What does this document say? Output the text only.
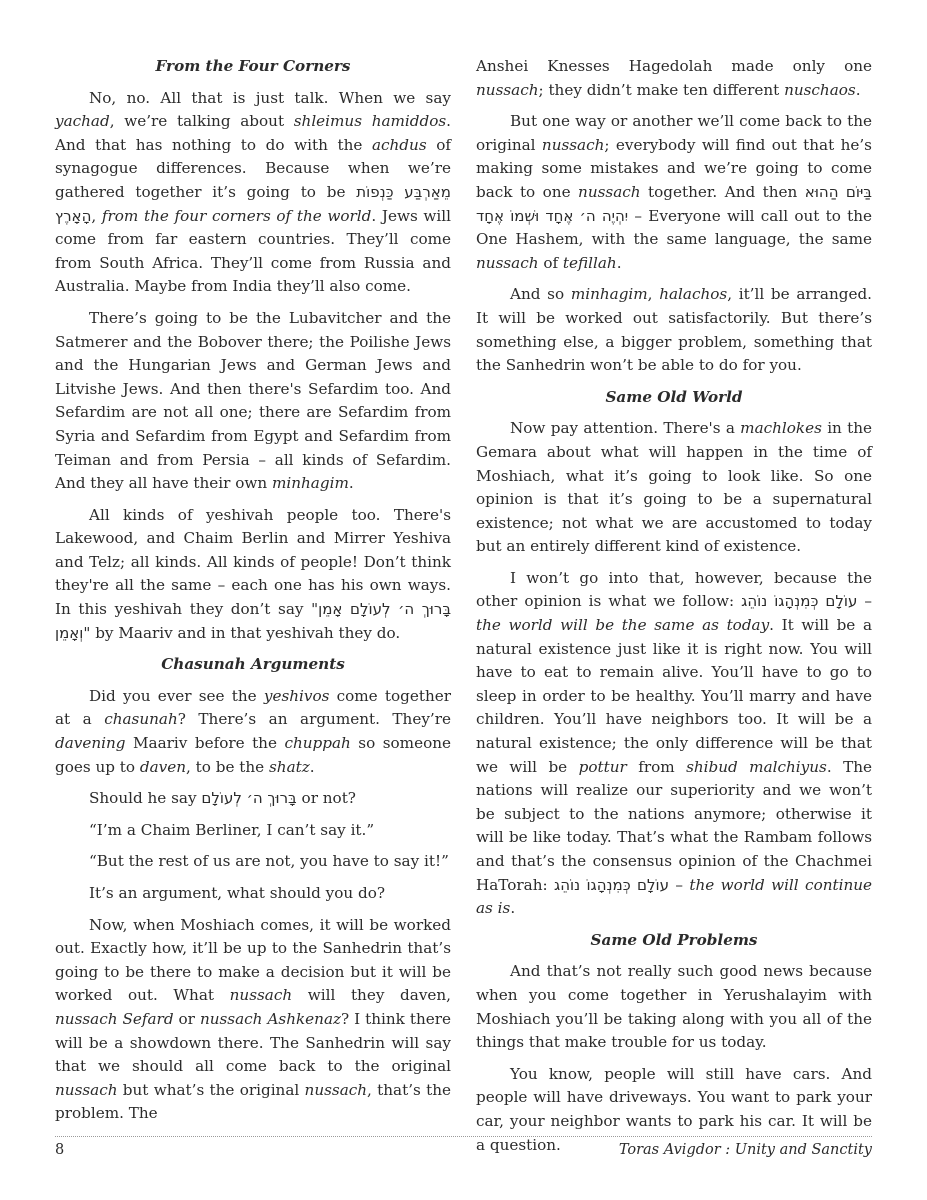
From the Four Corners

No, no. All that is just talk. When we say yachad, we’re talking about shleimus hamiddos. And that has nothing to do with the achdus of synagogue differences. Because when we’re gathered together it’s going to be מֵאַרְבַּע כַּנְפוֹת הָאָרֶץ, from the four corners of the world. Jews will come from far eastern countries. They’ll come from South Africa. They’ll come from Russia and Australia. Maybe from India they’ll also come.

There’s going to be the Lubavitcher and the Satmerer and the Bobover there; the Poilishe Jews and the Hungarian Jews and German Jews and Litvishe Jews. And then there's Sefardim too. And Sefardim are not all one; there are Sefardim from Syria and Sefardim from Egypt and Sefardim from Teiman and from Persia – all kinds of Sefardim. And they all have their own minhagim.

All kinds of yeshivah people too. There's Lakewood, and Chaim Berlin and Mirrer Yeshiva and Telz; all kinds. All kinds of people! Don’t think they're all the same – each one has his own ways. In this yeshivah they don’t say "בָּרוּךְ ה׳ לְעוֹלָם אָמֵן וְאָמֵן" by Maariv and in that yeshivah they do.

Chasunah Arguments

Did you ever see the yeshivos come together at a chasunah? There’s an argument. They’re davening Maariv before the chuppah so someone goes up to daven, to be the shatz.

Should he say בָּרוּךְ ה׳ לְעוֹלָם or not?

“I’m a Chaim Berliner, I can’t say it.”

“But the rest of us are not, you have to say it!”

It’s an argument, what should you do?

Now, when Moshiach comes, it will be worked out. Exactly how, it’ll be up to the Sanhedrin that’s going to be there to make a decision but it will be worked out. What nussach will they daven, nussach Sefard or nussach Ashkenaz? I think there will be a showdown there. The Sanhedrin will say that we should all come back to the original nussach but what’s the original nussach, that’s the problem. The

Anshei Knesses Hagedolah made only one nussach; they didn’t make ten different nuschaos.

But one way or another we’ll come back to the original nussach; everybody will find out that he’s making some mistakes and we’re going to come back to one nussach together. And then בַּיּוֹם הַהוּא יִהְיֶה ה׳ אֶחָד וּשְׁמוֹ אֶחָד – Everyone will call out to the One Hashem, with the same language, the same nussach of tefillah.

And so minhagim, halachos, it’ll be arranged. It will be worked out satisfactorily. But there’s something else, a bigger problem, something that the Sanhedrin won’t be able to do for you.

Same Old World

Now pay attention. There's a machlokes in the Gemara about what will happen in the time of Moshiach, what it’s going to look like. So one opinion is that it’s going to be a supernatural existence; not what we are accustomed to today but an entirely different kind of existence.

I won’t go into that, however, because the other opinion is what we follow: עוֹלָם כְּמִנְהָגוֹ נוֹהֵג – the world will be the same as today. It will be a natural existence just like it is right now. You will have to eat to remain alive. You’ll have to go to sleep in order to be healthy. You’ll marry and have children. You’ll have neighbors too. It will be a natural existence; the only difference will be that we will be pottur from shibud malchiyus. The nations will realize our superiority and we won’t be subject to the nations anymore; otherwise it will be like today. That’s what the Rambam follows and that’s the consensus opinion of the Chachmei HaTorah: עוֹלָם כְּמִנְהָגוֹ נוֹהֵג – the world will continue as is.

Same Old Problems

And that’s not really such good news because when you come together in Yerushalayim with Moshiach you’ll be taking along with you all of the things that make trouble for us today.

You know, people will still have cars. And people will have driveways. You want to park your car, your neighbor wants to park his car. It will be a question.

8	Toras Avigdor : Unity and Sanctity
